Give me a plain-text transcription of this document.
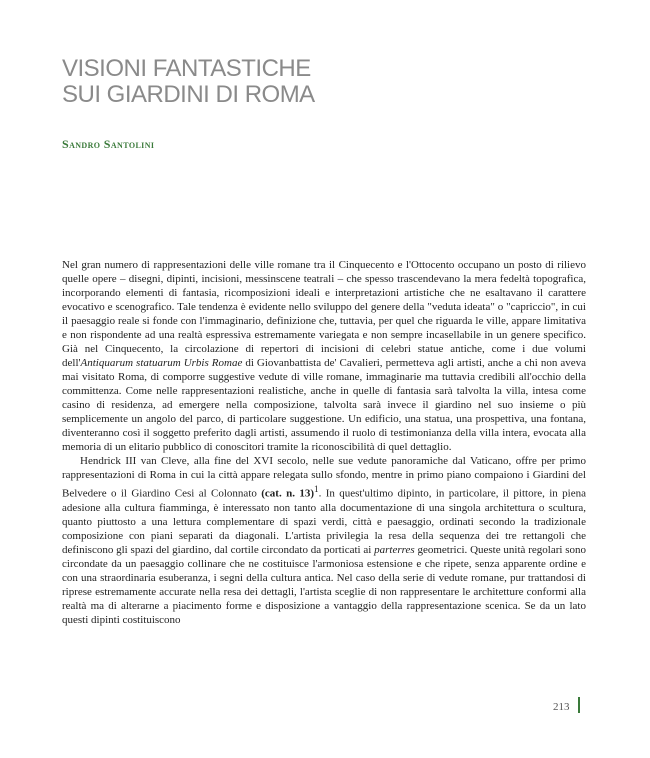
VISIONI FANTASTICHE
SUI GIARDINI DI ROMA
Sandro Santolini

Nel gran numero di rappresentazioni delle ville romane tra il Cinquecento e l'Ottocento occupano un posto di rilievo quelle opere – disegni, dipinti, incisioni, messinscene teatrali – che spesso trascendevano la mera fedeltà topografica, incorporando elementi di fantasia, ricomposizioni ideali e interpretazioni artistiche che ne esaltavano il carattere evocativo e scenografico. Tale tendenza è evidente nello sviluppo del genere della "veduta ideata" o "capriccio", in cui il paesaggio reale si fonde con l'immaginario, definizione che, tuttavia, per quel che riguarda le ville, appare limitativa e non rispondente ad una realtà espressiva estremamente variegata e non sempre incasellabile in un genere specifico. Già nel Cinquecento, la circolazione di repertori di incisioni di celebri statue antiche, come i due volumi dell'Antiquarum statuarum Urbis Romae di Giovanbattista de' Cavalieri, permetteva agli artisti, anche a chi non aveva mai visitato Roma, di comporre suggestive vedute di ville romane, immaginarie ma tuttavia credibili all'occhio della committenza. Come nelle rappresentazioni realistiche, anche in quelle di fantasia sarà talvolta la villa, intesa come casino di residenza, ad emergere nella composizione, talvolta sarà invece il giardino nel suo insieme o più semplicemente un angolo del parco, di particolare suggestione. Un edificio, una statua, una prospettiva, una fontana, diventeranno così il soggetto preferito dagli artisti, assumendo il ruolo di testimonianza della villa intera, evocata alla memoria di un elitario pubblico di conoscitori tramite la riconoscibilità di quel dettaglio.

Hendrick III van Cleve, alla fine del XVI secolo, nelle sue vedute panoramiche dal Vaticano, offre per primo rappresentazioni di Roma in cui la città appare relegata sullo sfondo, mentre in primo piano compaiono i Giardini del Belvedere o il Giardino Cesi al Colonnato (cat. n. 13)$^1$. In quest'ultimo dipinto, in particolare, il pittore, in piena adesione alla cultura fiamminga, è interessato non tanto alla documentazione di una singola architettura o scultura, quanto piuttosto a una lettura complementare di spazi verdi, città e paesaggio, ordinati secondo la tradizionale composizione con piani separati da diagonali. L'artista privilegia la resa della sequenza dei tre rettangoli che definiscono gli spazi del giardino, dal cortile circondato da porticati ai parterres geometrici. Queste unità regolari sono circondate da un paesaggio collinare che ne costituisce l'armoniosa estensione e che ripete, senza apparente ordine e con una straordinaria esuberanza, i segni della cultura antica. Nel caso della serie di vedute romane, pur trattandosi di riprese estremamente accurate nella resa dei dettagli, l'artista sceglie di non rappresentare le architetture conformi alla realtà ma di alterarne a piacimento forme e disposizione a vantaggio della rappresentazione scenica. Se da un lato questi dipinti costituiscono

213
